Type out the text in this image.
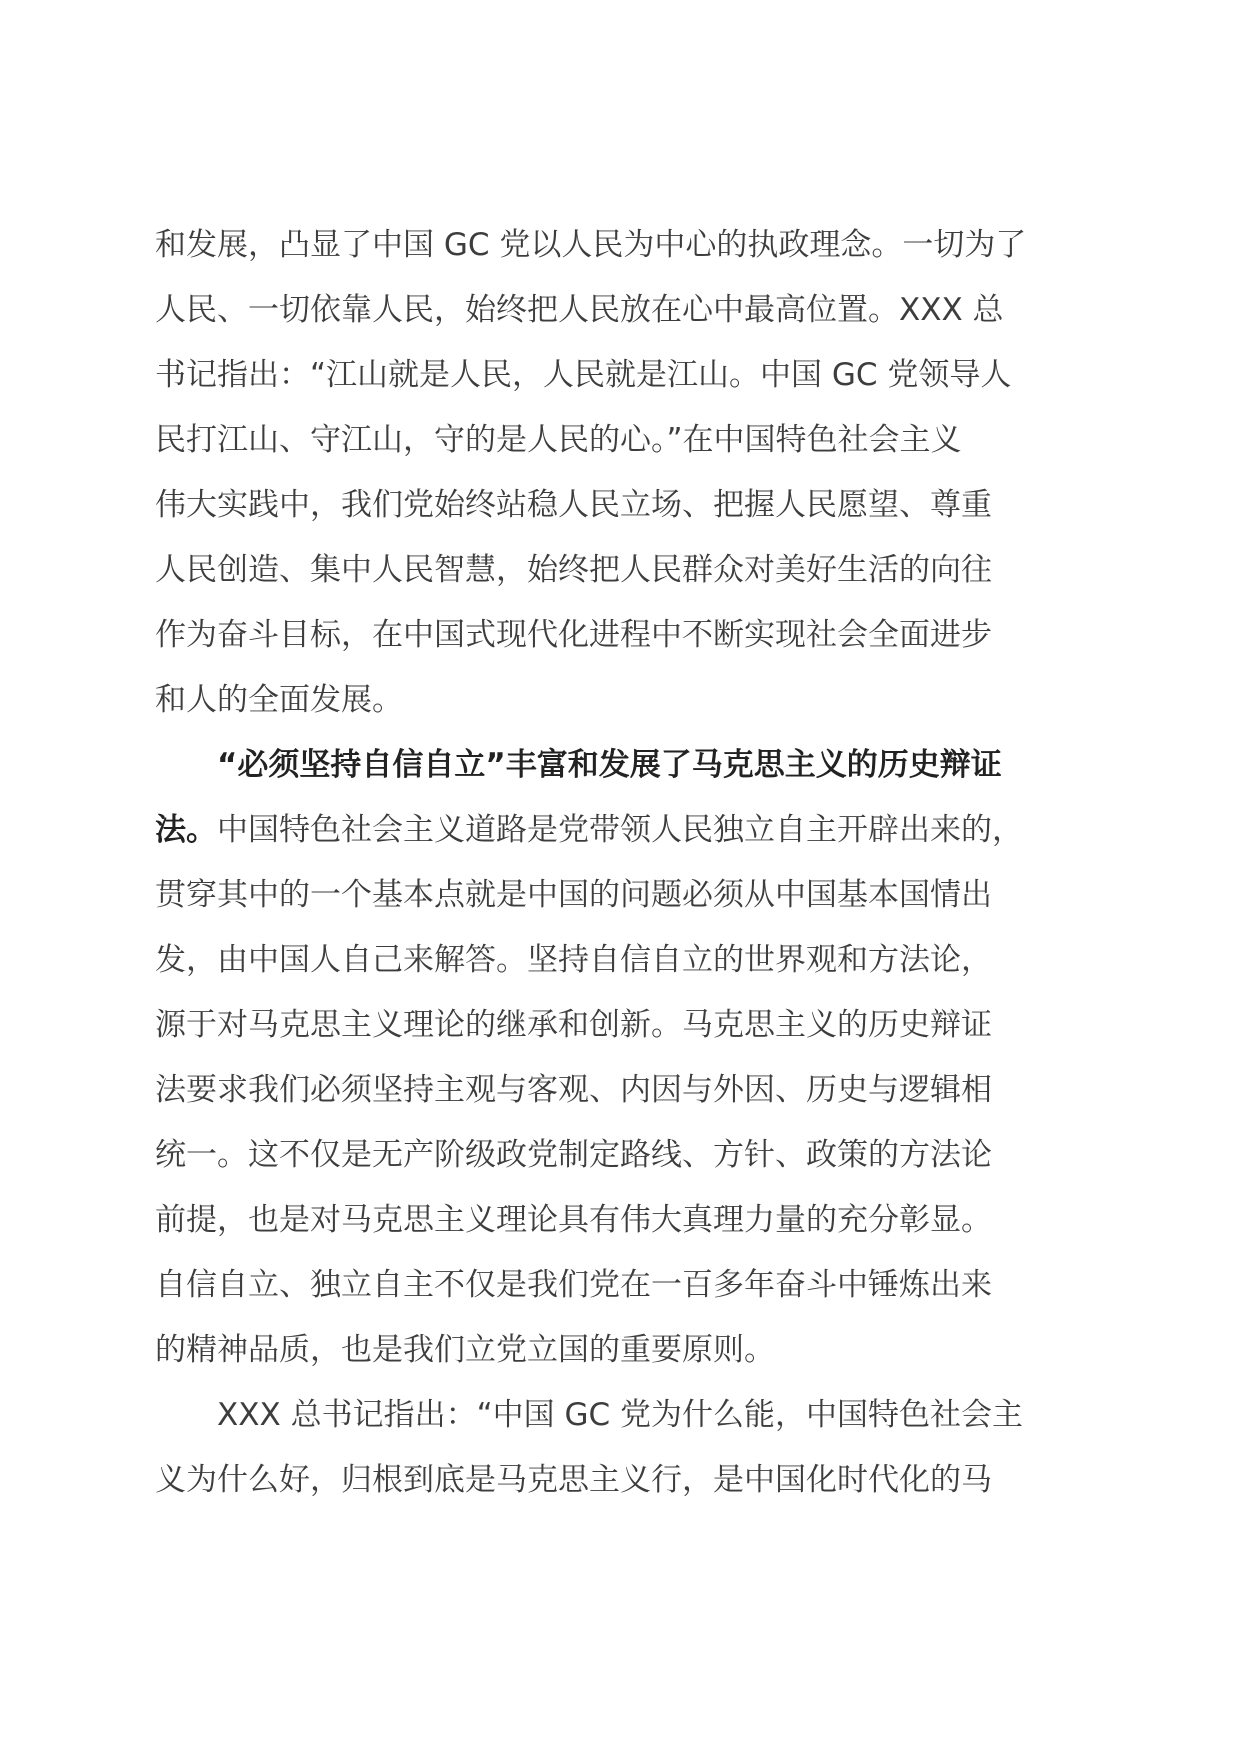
和发展，凸显了中国 GC 党以人民为中心的执政理念。一切为了
人民、一切依靠人民，始终把人民放在心中最高位置。XXX 总
书记指出：“江山就是人民，人民就是江山。中国 GC 党领导人
民打江山、守江山，守的是人民的心。”在中国特色社会主义
伟大实践中，我们党始终站稳人民立场、把握人民愿望、尊重
人民创造、集中人民智慧，始终把人民群众对美好生活的向往
作为奋斗目标，在中国式现代化进程中不断实现社会全面进步
和人的全面发展。
“必须坚持自信自立”丰富和发展了马克思主义的历史辩证
法。中国特色社会主义道路是党带领人民独立自主开辟出来的，
贯穿其中的一个基本点就是中国的问题必须从中国基本国情出
发，由中国人自己来解答。坚持自信自立的世界观和方法论，
源于对马克思主义理论的继承和创新。马克思主义的历史辩证
法要求我们必须坚持主观与客观、内因与外因、历史与逻辑相
统一。这不仅是无产阶级政党制定路线、方针、政策的方法论
前提，也是对马克思主义理论具有伟大真理力量的充分彰显。
自信自立、独立自主不仅是我们党在一百多年奋斗中锤炼出来
的精神品质，也是我们立党立国的重要原则。
XXX 总书记指出：“中国 GC 党为什么能，中国特色社会主
义为什么好，归根到底是马克思主义行，是中国化时代化的马
